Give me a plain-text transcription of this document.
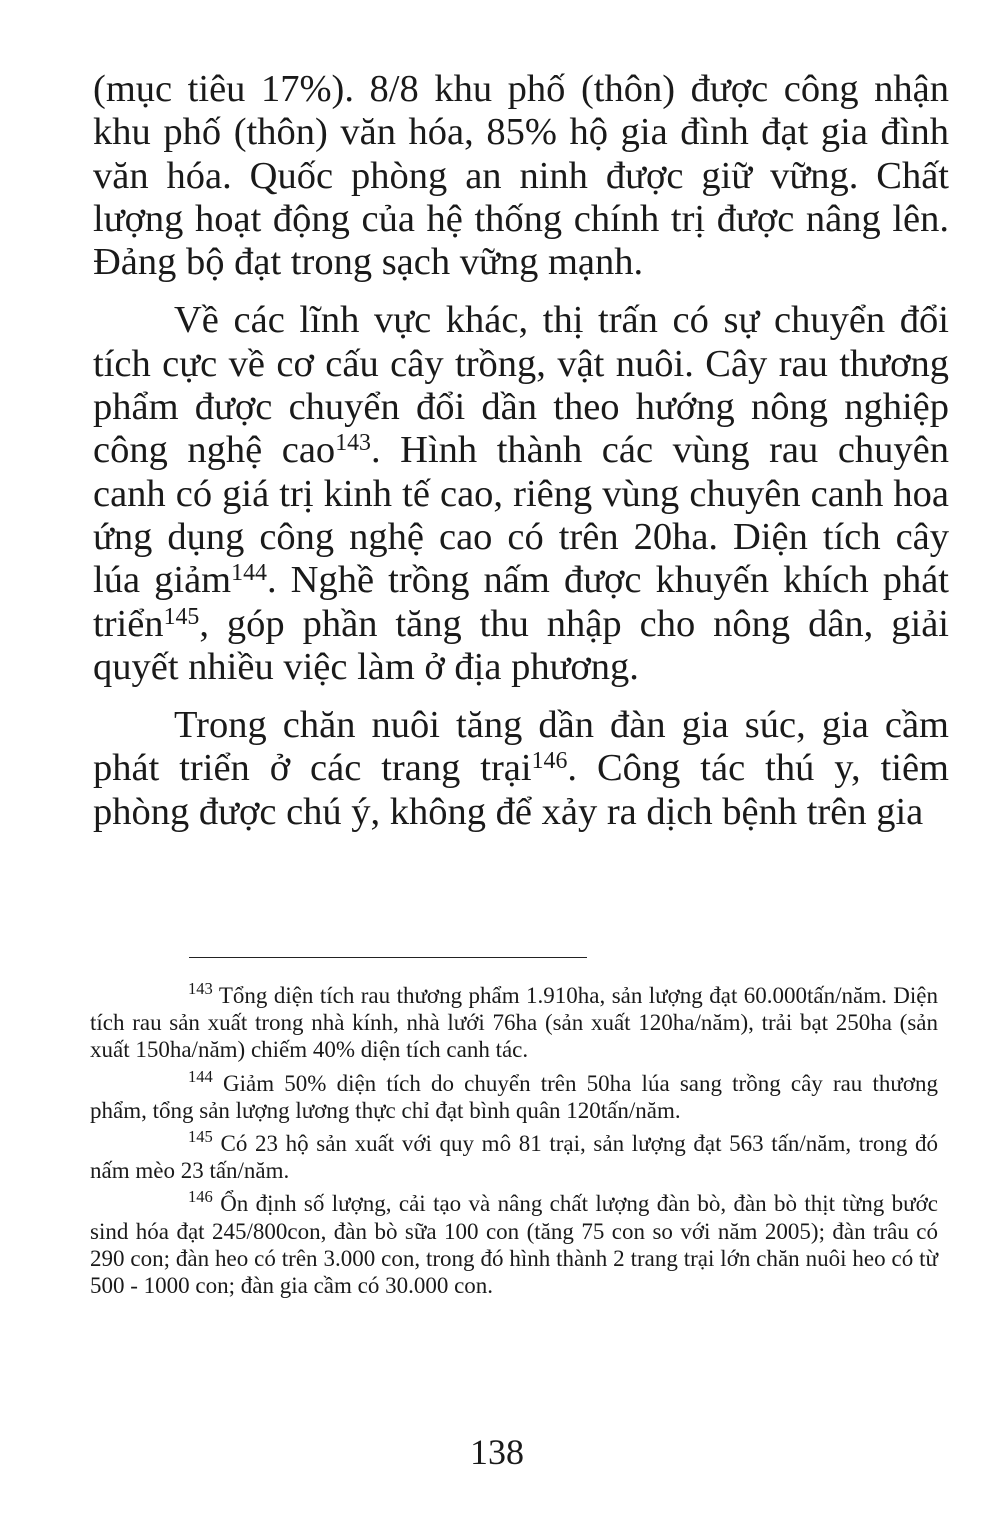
(mục tiêu 17%). 8/8 khu phố (thôn) được công nhận khu phố (thôn) văn hóa, 85% hộ gia đình đạt gia đình văn hóa. Quốc phòng an ninh được giữ vững. Chất lượng hoạt động của hệ thống chính trị được nâng lên. Đảng bộ đạt trong sạch vững mạnh.

Về các lĩnh vực khác, thị trấn có sự chuyển đổi tích cực về cơ cấu cây trồng, vật nuôi. Cây rau thương phẩm được chuyển đổi dần theo hướng nông nghiệp công nghệ cao$^{143}$. Hình thành các vùng rau chuyên canh có giá trị kinh tế cao, riêng vùng chuyên canh hoa ứng dụng công nghệ cao có trên 20ha. Diện tích cây lúa giảm$^{144}$. Nghề trồng nấm được khuyến khích phát triển$^{145}$, góp phần tăng thu nhập cho nông dân, giải quyết nhiều việc làm ở địa phương.

Trong chăn nuôi tăng dần đàn gia súc, gia cầm phát triển ở các trang trại$^{146}$. Công tác thú y, tiêm phòng được chú ý, không để xảy ra dịch bệnh trên gia

$^{143}$ Tổng diện tích rau thương phẩm 1.910ha, sản lượng đạt 60.000tấn/năm. Diện tích rau sản xuất trong nhà kính, nhà lưới 76ha (sản xuất 120ha/năm), trải bạt 250ha (sản xuất 150ha/năm) chiếm 40% diện tích canh tác.

$^{144}$ Giảm 50% diện tích do chuyển trên 50ha lúa sang trồng cây rau thương phẩm, tổng sản lượng lương thực chỉ đạt bình quân 120tấn/năm.

$^{145}$ Có 23 hộ sản xuất với quy mô 81 trại, sản lượng đạt 563 tấn/năm, trong đó nấm mèo 23 tấn/năm.

$^{146}$ Ổn định số lượng, cải tạo và nâng chất lượng đàn bò, đàn bò thịt từng bước sind hóa đạt 245/800con, đàn bò sữa 100 con (tăng 75 con so với năm 2005); đàn trâu có 290 con; đàn heo có trên 3.000 con, trong đó hình thành 2 trang trại lớn chăn nuôi heo có từ 500 - 1000 con; đàn gia cầm có 30.000 con.

138
